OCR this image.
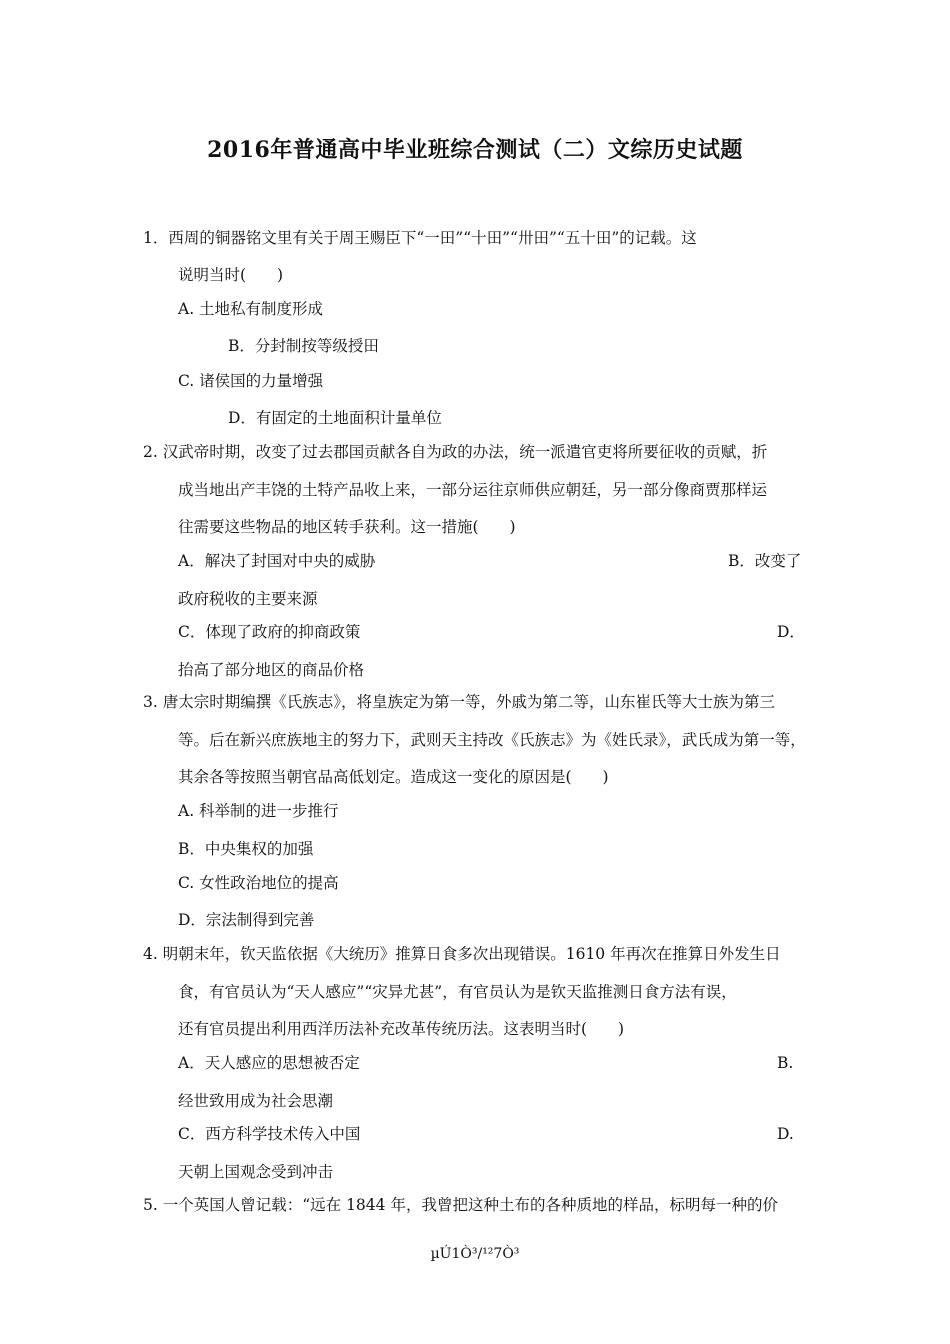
2016年普通高中毕业班综合测试（二）文综历史试题
1．西周的铜器铭文里有关于周王赐臣下“一田”“十田”“卅田”“五十田”的记载。这
说明当时(　　)
A. 土地私有制度形成
B．分封制按等级授田
C. 诸侯国的力量增强
D．有固定的土地面积计量单位
2. 汉武帝时期，改变了过去郡国贡献各自为政的办法，统一派遣官吏将所要征收的贡赋，折
成当地出产丰饶的土特产品收上来，一部分运往京师供应朝廷，另一部分像商贾那样运
往需要这些物品的地区转手获利。这一措施(　　)
A．解决了封国对中央的威胁	B．改变了
政府税收的主要来源
C．体现了政府的抑商政策	D．
抬高了部分地区的商品价格
3. 唐太宗时期编撰《氏族志》，将皇族定为第一等，外戚为第二等，山东崔氏等大士族为第三
等。后在新兴庶族地主的努力下，武则天主持改《氏族志》为《姓氏录》，武氏成为第一等，
其余各等按照当朝官品高低划定。造成这一变化的原因是(　　)
A. 科举制的进一步推行
B．中央集权的加强
C. 女性政治地位的提高
D．宗法制得到完善
4. 明朝末年，钦天监依据《大统历》推算日食多次出现错误。1610 年再次在推算日外发生日
食，有官员认为“天人感应”“灾异尤甚”，有官员认为是钦天监推测日食方法有误，
还有官员提出利用西洋历法补充改革传统历法。这表明当时(　　)
A．天人感应的思想被否定	B.
经世致用成为社会思潮
C．西方科学技术传入中国	D.
天朝上国观念受到冲击
5. 一个英国人曾记载：“远在 1844 年，我曾把这种土布的各种质地的样品，标明每一种的价
µÚ1Ò³/¹²7Ò³
